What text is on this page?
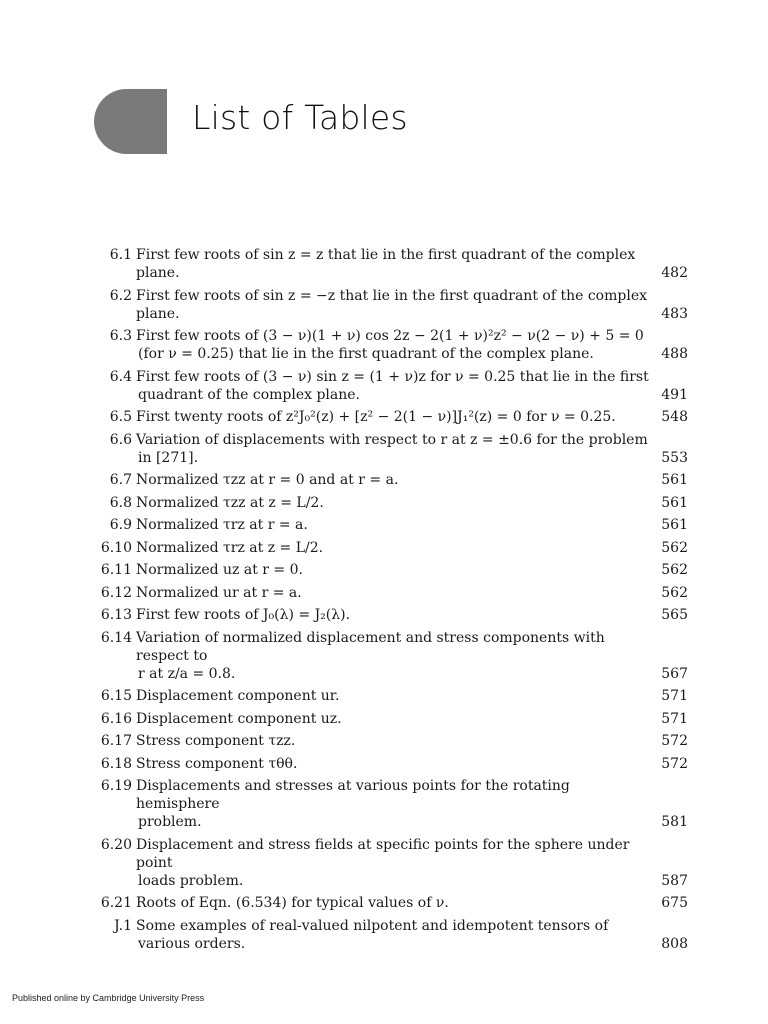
List of Tables
6.1 First few roots of sin z = z that lie in the first quadrant of the complex plane.	482
6.2 First few roots of sin z = −z that lie in the first quadrant of the complex plane.	483
6.3 First few roots of (3 − ν)(1 + ν) cos 2z − 2(1 + ν)²z² − ν(2 − ν) + 5 = 0
(for ν = 0.25) that lie in the first quadrant of the complex plane.	488
6.4 First few roots of (3 − ν) sin z = (1 + ν)z for ν = 0.25 that lie in the first
quadrant of the complex plane.	491
6.5 First twenty roots of z²J₀²(z) + [z² − 2(1 − ν)]J₁²(z) = 0 for ν = 0.25.	548
6.6 Variation of displacements with respect to r at z = ±0.6 for the problem
in [271].	553
6.7 Normalized τzz at r = 0 and at r = a.	561
6.8 Normalized τzz at z = L/2.	561
6.9 Normalized τrz at r = a.	561
6.10 Normalized τrz at z = L/2.	562
6.11 Normalized uz at r = 0.	562
6.12 Normalized ur at r = a.	562
6.13 First few roots of J₀(λ) = J₂(λ).	565
6.14 Variation of normalized displacement and stress components with respect to
r at z/a = 0.8.	567
6.15 Displacement component ur.	571
6.16 Displacement component uz.	571
6.17 Stress component τzz.	572
6.18 Stress component τθθ.	572
6.19 Displacements and stresses at various points for the rotating hemisphere
problem.	581
6.20 Displacement and stress fields at specific points for the sphere under point
loads problem.	587
6.21 Roots of Eqn. (6.534) for typical values of ν.	675
J.1 Some examples of real-valued nilpotent and idempotent tensors of
various orders.	808
Published online by Cambridge University Press
